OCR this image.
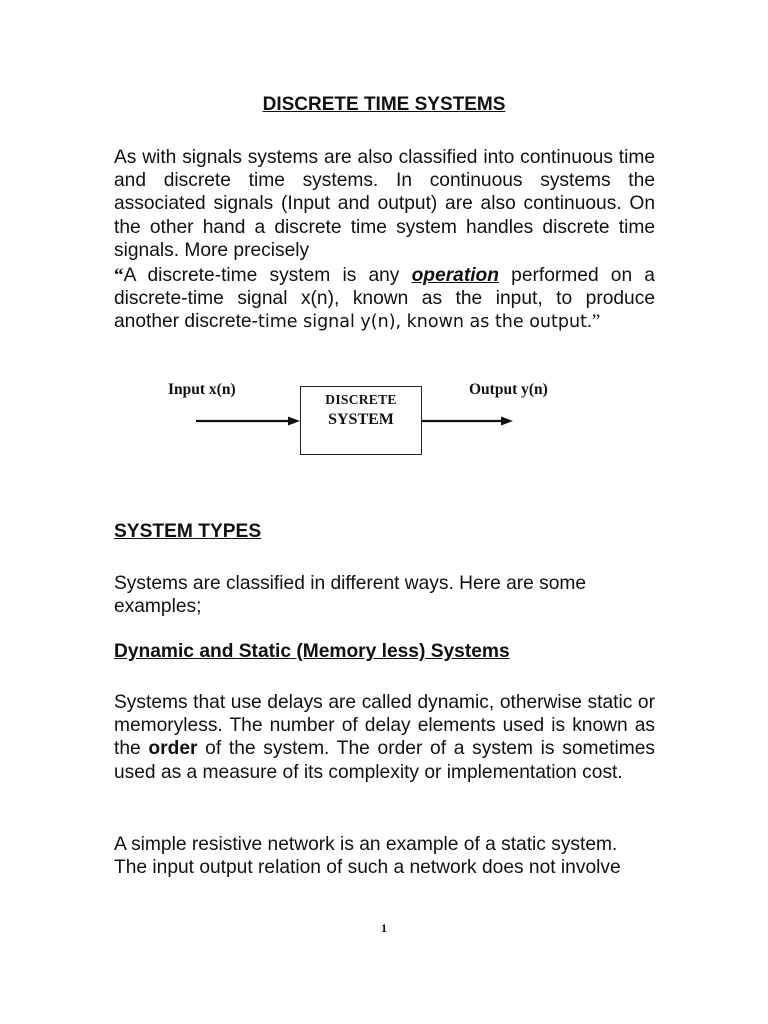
DISCRETE TIME SYSTEMS

As with signals systems are also classified into continuous time and discrete time systems. In continuous systems the associated signals (Input and output) are also continuous. On the other hand a discrete time system handles discrete time signals. More precisely

“A discrete-time system is any operation performed on a discrete-time signal x(n), known as the input, to produce another discrete-time signal y(n), known as the output.”

Input x(n)	Output y(n)
DISCRETE
SYSTEM
SYSTEM TYPES

Systems are classified in different ways. Here are some examples;

Dynamic and Static (Memory less) Systems

Systems that use delays are called dynamic, otherwise static or memoryless. The number of delay elements used is known as the order of the system. The order of a system is sometimes used as a measure of its complexity or implementation cost.

A simple resistive network is an example of a static system. The input output relation of such a network does not involve

1
